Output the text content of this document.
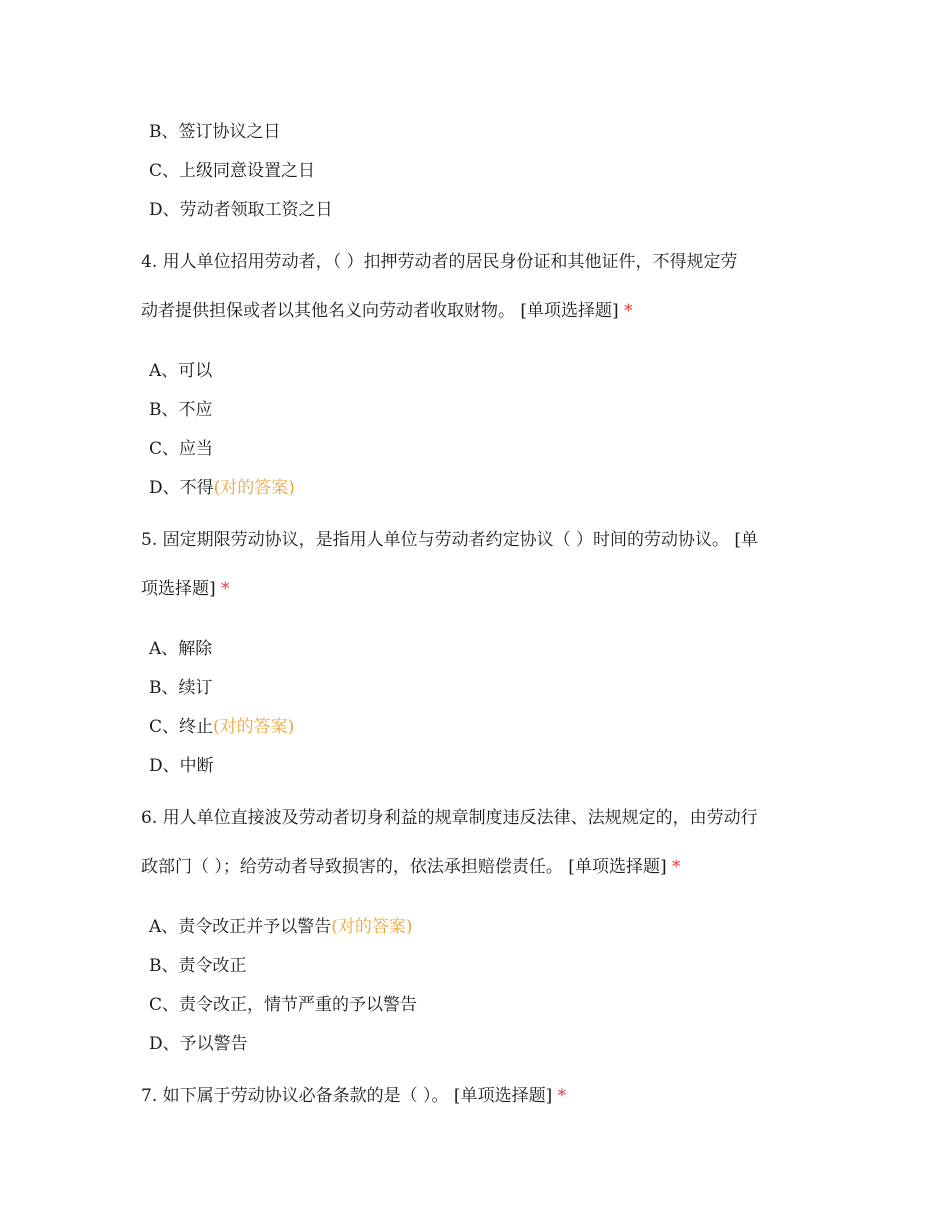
B、签订协议之日
C、上级同意设置之日
D、劳动者领取工资之日
4. 用人单位招用劳动者，（ ）扣押劳动者的居民身份证和其他证件，不得规定劳
动者提供担保或者以其他名义向劳动者收取财物。 [单项选择题] *
A、可以
B、不应
C、应当
D、不得(对的答案)
5. 固定期限劳动协议，是指用人单位与劳动者约定协议（ ）时间的劳动协议。 [单
项选择题] *
A、解除
B、续订
C、终止(对的答案)
D、中断
6. 用人单位直接波及劳动者切身利益的规章制度违反法律、法规规定的，由劳动行
政部门（ ）；给劳动者导致损害的，依法承担赔偿责任。 [单项选择题] *
A、责令改正并予以警告(对的答案)
B、责令改正
C、责令改正，情节严重的予以警告
D、予以警告
7. 如下属于劳动协议必备条款的是（ ）。 [单项选择题] *
